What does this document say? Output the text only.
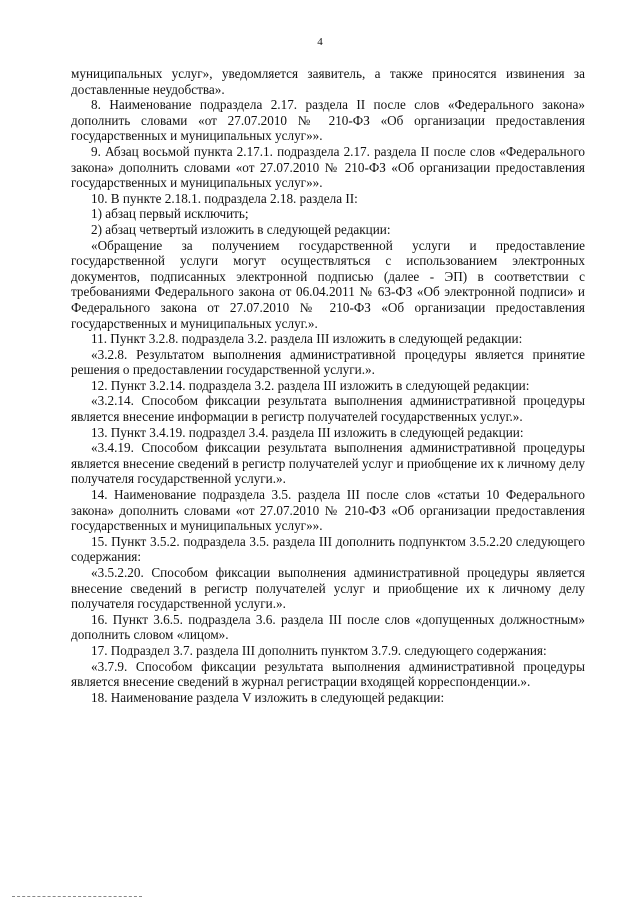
4

муниципальных услуг», уведомляется заявитель, а также приносятся извинения за доставленные неудобства».

8. Наименование подраздела 2.17. раздела II после слов «Федерального закона» дополнить словами «от 27.07.2010 № 210-ФЗ «Об организации предоставления государственных и муниципальных услуг»».

9. Абзац восьмой пункта 2.17.1. подраздела 2.17. раздела II после слов «Федерального закона» дополнить словами «от 27.07.2010 № 210-ФЗ «Об организации предоставления государственных и муниципальных услуг»».

10. В пункте 2.18.1. подраздела 2.18. раздела II:

1) абзац первый исключить;

2) абзац четвертый изложить в следующей редакции:

«Обращение за получением государственной услуги и предоставление государственной услуги могут осуществляться с использованием электронных документов, подписанных электронной подписью (далее - ЭП) в соответствии с требованиями Федерального закона от 06.04.2011 № 63-ФЗ «Об электронной подписи» и Федерального закона от 27.07.2010 № 210-ФЗ «Об организации предоставления государственных и муниципальных услуг.».

11. Пункт 3.2.8. подраздела 3.2. раздела III изложить в следующей редакции:

«3.2.8. Результатом выполнения административной процедуры является принятие решения о предоставлении государственной услуги.».

12. Пункт 3.2.14. подраздела 3.2. раздела III изложить в следующей редакции:

«3.2.14. Способом фиксации результата выполнения административной процедуры является внесение информации в регистр получателей государственных услуг.».

13. Пункт 3.4.19. подраздел 3.4. раздела III изложить в следующей редакции:

«3.4.19. Способом фиксации результата выполнения административной процедуры является внесение сведений в регистр получателей услуг и приобщение их к личному делу получателя государственной услуги.».

14. Наименование подраздела 3.5. раздела III после слов «статьи 10 Федерального закона» дополнить словами «от 27.07.2010 № 210-ФЗ «Об организации предоставления государственных и муниципальных услуг»».

15. Пункт 3.5.2. подраздела 3.5. раздела III дополнить подпунктом 3.5.2.20 следующего содержания:

«3.5.2.20. Способом фиксации выполнения административной процедуры является внесение сведений в регистр получателей услуг и приобщение их к личному делу получателя государственной услуги.».

16. Пункт 3.6.5. подраздела 3.6. раздела III после слов «допущенных должностным» дополнить словом «лицом».

17. Подраздел 3.7. раздела III дополнить пунктом 3.7.9. следующего содержания:

«3.7.9. Способом фиксации результата выполнения административной процедуры является внесение сведений в журнал регистрации входящей корреспонденции.».

18. Наименование раздела V изложить в следующей редакции:
